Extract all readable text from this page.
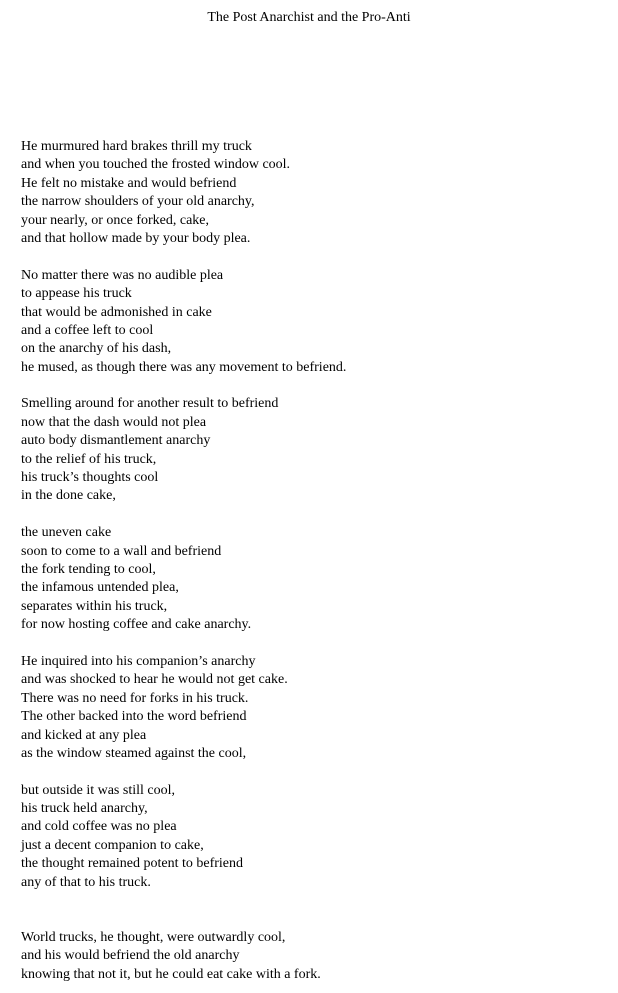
The Post Anarchist and the Pro-Anti
He murmured hard brakes thrill my truck
and when you touched the frosted window cool.
He felt no mistake and would befriend
the narrow shoulders of your old anarchy,
your nearly, or once forked, cake,
and that hollow made by your body plea.
No matter there was no audible plea
to appease his truck
that would be admonished in cake
and a coffee left to cool
on the anarchy of his dash,
he mused, as though there was any movement to befriend.
Smelling around for another result to befriend
now that the dash would not plea
auto body dismantlement anarchy
to the relief of his truck,
his truck’s thoughts cool
in the done cake,
the uneven cake
soon to come to a wall and befriend
the fork tending to cool,
the infamous untended plea,
separates within his truck,
for now hosting coffee and cake anarchy.
He inquired into his companion’s anarchy
and was shocked to hear he would not get cake.
There was no need for forks in his truck.
The other backed into the word befriend
and kicked at any plea
as the window steamed against the cool,
but outside it was still cool,
his truck held anarchy,
and cold coffee was no plea
just a decent companion to cake,
the thought remained potent to befriend
any of that to his truck.
World trucks, he thought, were outwardly cool,
and his would befriend the old anarchy
knowing that not it, but he could eat cake with a fork.
